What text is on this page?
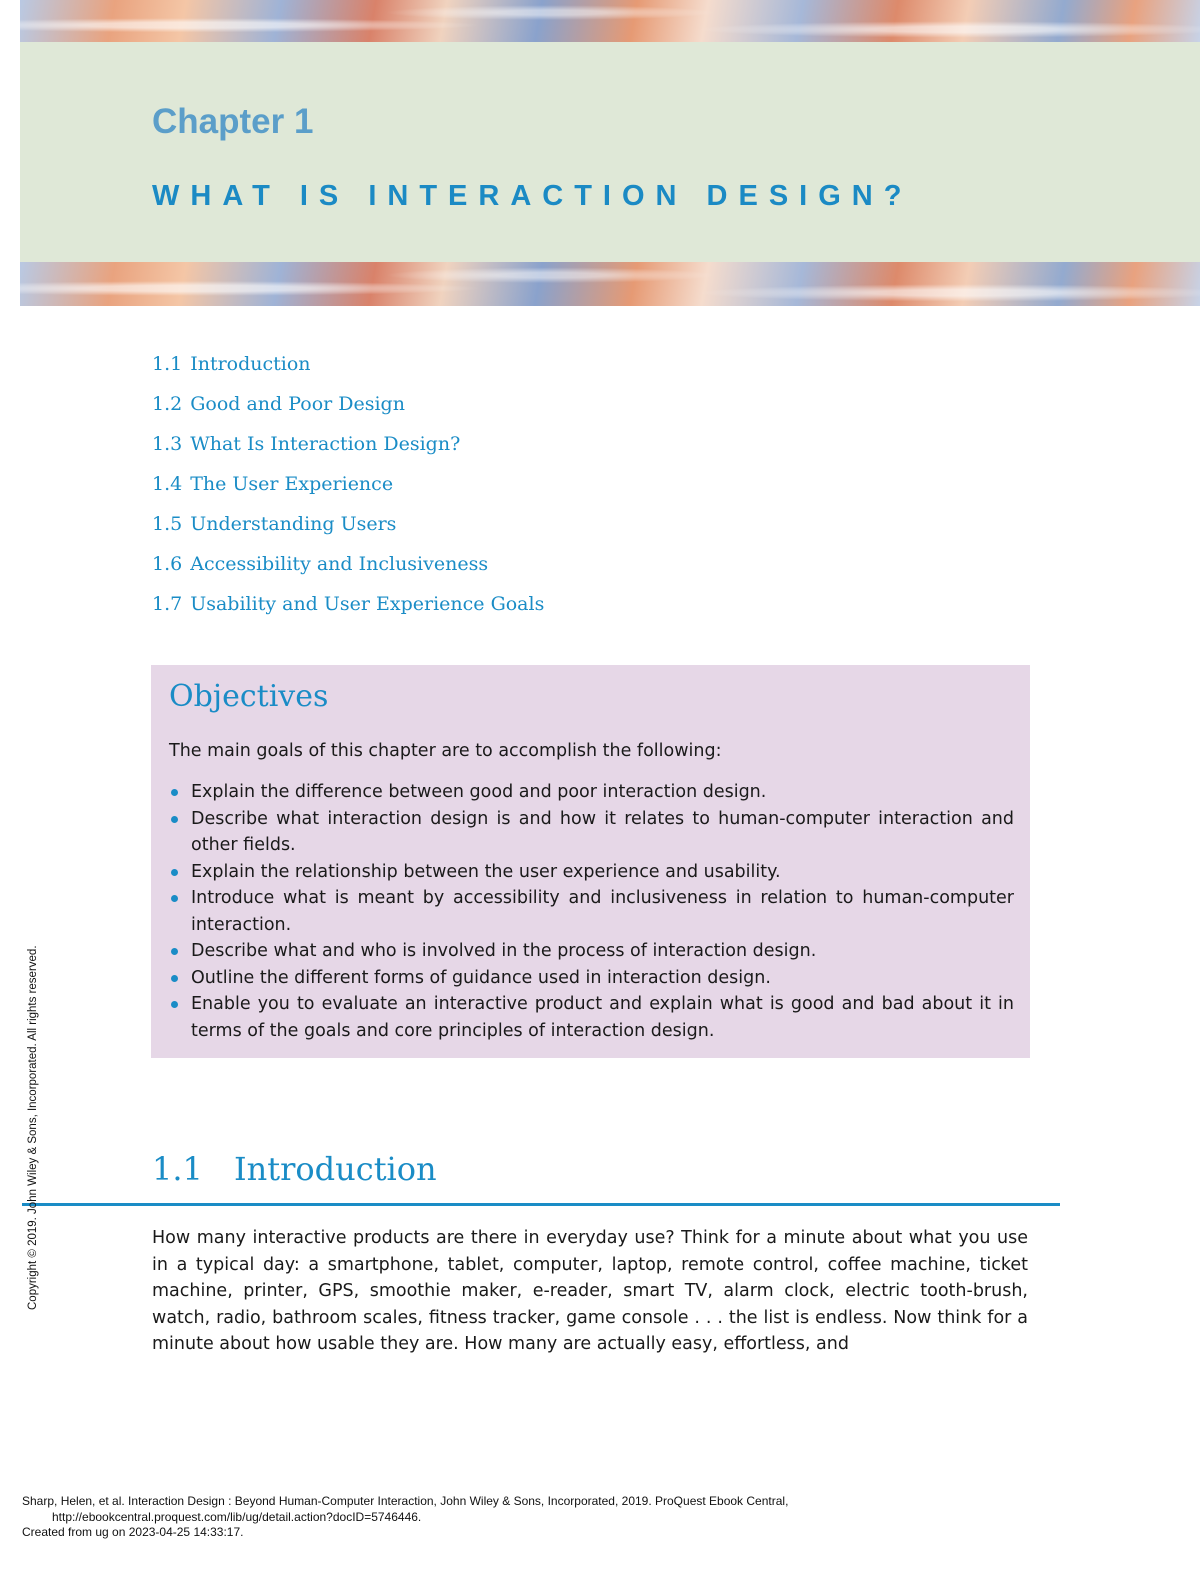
Chapter 1
WHAT IS INTERACTION DESIGN?
1.1 Introduction
1.2 Good and Poor Design
1.3 What Is Interaction Design?
1.4 The User Experience
1.5 Understanding Users
1.6 Accessibility and Inclusiveness
1.7 Usability and User Experience Goals
Objectives
The main goals of this chapter are to accomplish the following:
Explain the difference between good and poor interaction design.
Describe what interaction design is and how it relates to human-computer interaction and other fields.
Explain the relationship between the user experience and usability.
Introduce what is meant by accessibility and inclusiveness in relation to human-computer interaction.
Describe what and who is involved in the process of interaction design.
Outline the different forms of guidance used in interaction design.
Enable you to evaluate an interactive product and explain what is good and bad about it in terms of the goals and core principles of interaction design.
1.1 Introduction
How many interactive products are there in everyday use? Think for a minute about what you use in a typical day: a smartphone, tablet, computer, laptop, remote control, coffee machine, ticket machine, printer, GPS, smoothie maker, e-reader, smart TV, alarm clock, electric tooth-brush, watch, radio, bathroom scales, fitness tracker, game console . . . the list is endless. Now think for a minute about how usable they are. How many are actually easy, effortless, and
Copyright © 2019. John Wiley & Sons, Incorporated. All rights reserved.
Sharp, Helen, et al. Interaction Design : Beyond Human-Computer Interaction, John Wiley & Sons, Incorporated, 2019. ProQuest Ebook Central,
http://ebookcentral.proquest.com/lib/ug/detail.action?docID=5746446.
Created from ug on 2023-04-25 14:33:17.
